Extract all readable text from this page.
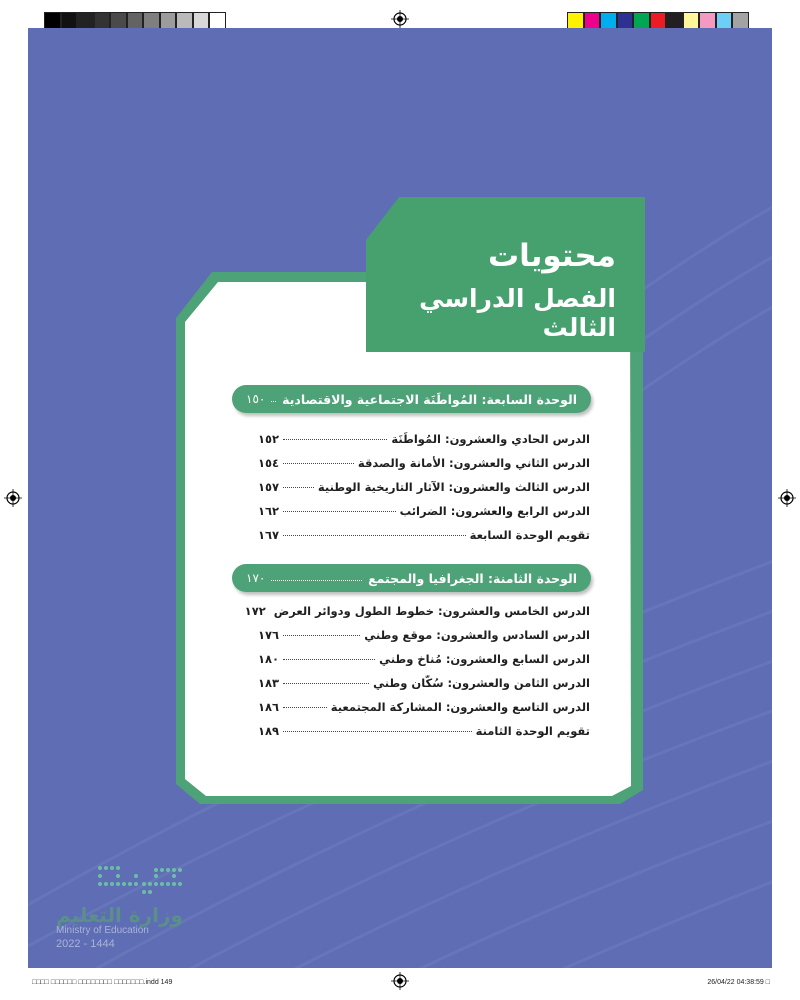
محتويات
الفصل الدراسي الثالث
الوحدة السابعة: المُواطَنَة الاجتماعية والاقتصادية
١٥٠
الدرس الحادي والعشرون: المُواطَنَة
١٥٢
الدرس الثاني والعشرون: الأمانة والصدقة
١٥٤
الدرس الثالث والعشرون: الآثار التاريخية الوطنية
١٥٧
الدرس الرابع والعشرون: الضرائب
١٦٢
تقويم الوحدة السابعة
١٦٧
الوحدة الثامنة: الجغرافيا والمجتمع
١٧٠
الدرس الخامس والعشرون: خطوط الطول ودوائر العرض
١٧٢
الدرس السادس والعشرون: موقع وطني
١٧٦
الدرس السابع والعشرون: مُناخ وطني
١٨٠
الدرس الثامن والعشرون: سُكّان وطني
١٨٣
الدرس التاسع والعشرون: المشاركة المجتمعية
١٨٦
تقويم الوحدة الثامنة
١٨٩
وزارة التعليم
Ministry of Education
2022 - 1444
□□□□ □□□□□□ □□□□□□□□ □□□□□□□.indd 149	26/04/22 04:38:59 □
